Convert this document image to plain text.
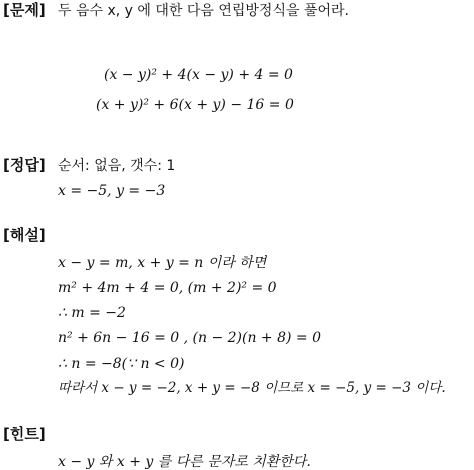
[문제] 두 음수 x, y 에 대한 다음 연립방정식을 풀어라.
(x − y)² + 4(x − y) + 4 = 0
(x + y)² + 6(x + y) − 16 = 0
[정답] 순서: 없음, 갯수: 1
x = −5, y = −3
[해설]
x − y = m, x + y = n 이라 하면
m² + 4m + 4 = 0, (m + 2)² = 0
∴ m = −2
n² + 6n − 16 = 0 , (n − 2)(n + 8) = 0
∴ n = −8(∵ n < 0)
따라서 x − y = −2, x + y = −8 이므로 x = −5, y = −3 이다.
[힌트]
x − y 와 x + y 를 다른 문자로 치환한다.
